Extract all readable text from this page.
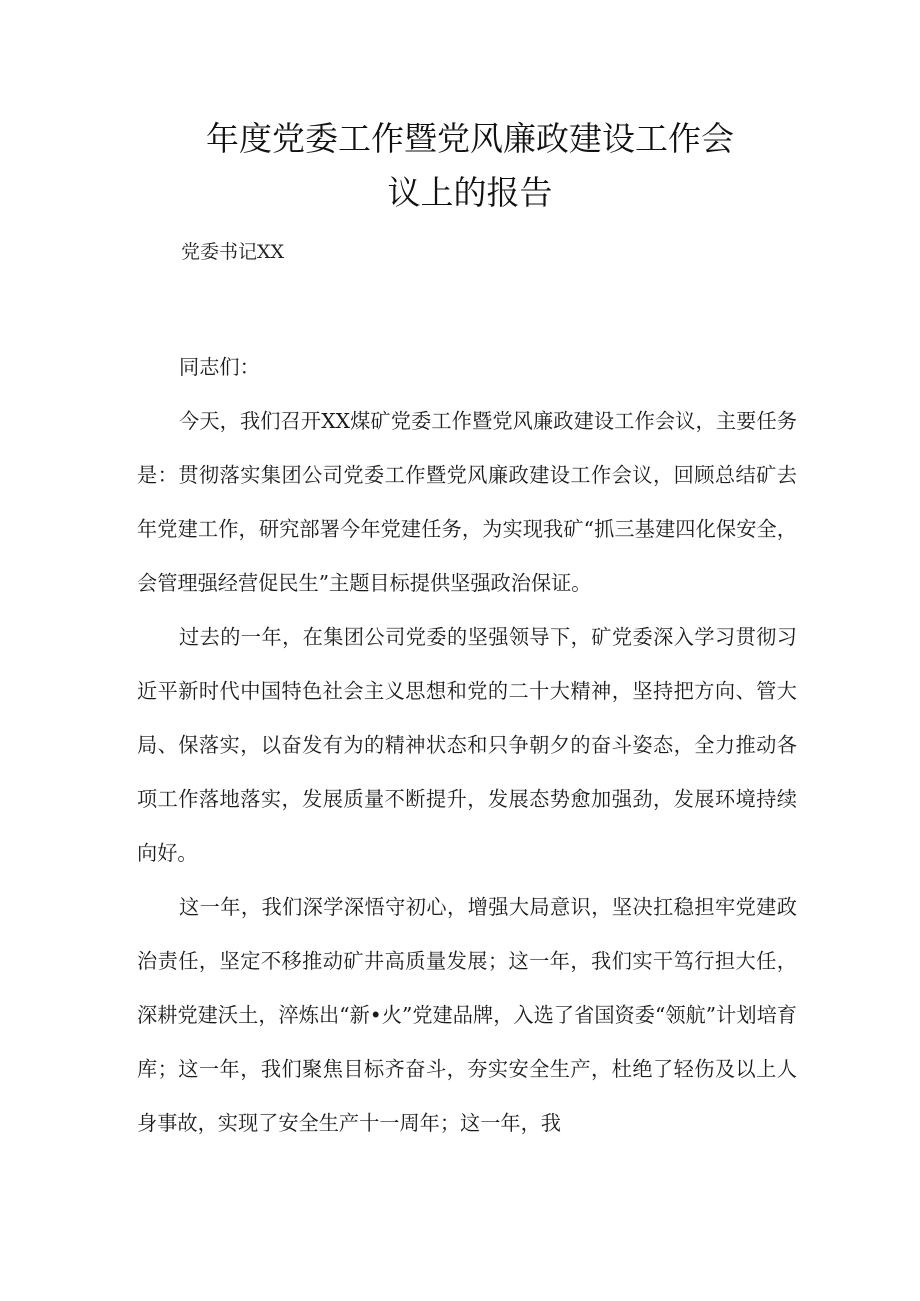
年度党委工作暨党风廉政建设工作会
议上的报告
党委书记XX

同志们：

今天，我们召开XX煤矿党委工作暨党风廉政建设工作会议，主要任务是：贯彻落实集团公司党委工作暨党风廉政建设工作会议，回顾总结矿去年党建工作，研究部署今年党建任务，为实现我矿“抓三基建四化保安全，会管理强经营促民生”主题目标提供坚强政治保证。

过去的一年，在集团公司党委的坚强领导下，矿党委深入学习贯彻习近平新时代中国特色社会主义思想和党的二十大精神，坚持把方向、管大局、保落实，以奋发有为的精神状态和只争朝夕的奋斗姿态，全力推动各项工作落地落实，发展质量不断提升，发展态势愈加强劲，发展环境持续向好。

这一年，我们深学深悟守初心，增强大局意识，坚决扛稳担牢党建政治责任，坚定不移推动矿井高质量发展；这一年，我们实干笃行担大任，深耕党建沃土，淬炼出“新•火”党建品牌，入选了省国资委“领航”计划培育库；这一年，我们聚焦目标齐奋斗，夯实安全生产，杜绝了轻伤及以上人身事故，实现了安全生产十一周年；这一年，我
